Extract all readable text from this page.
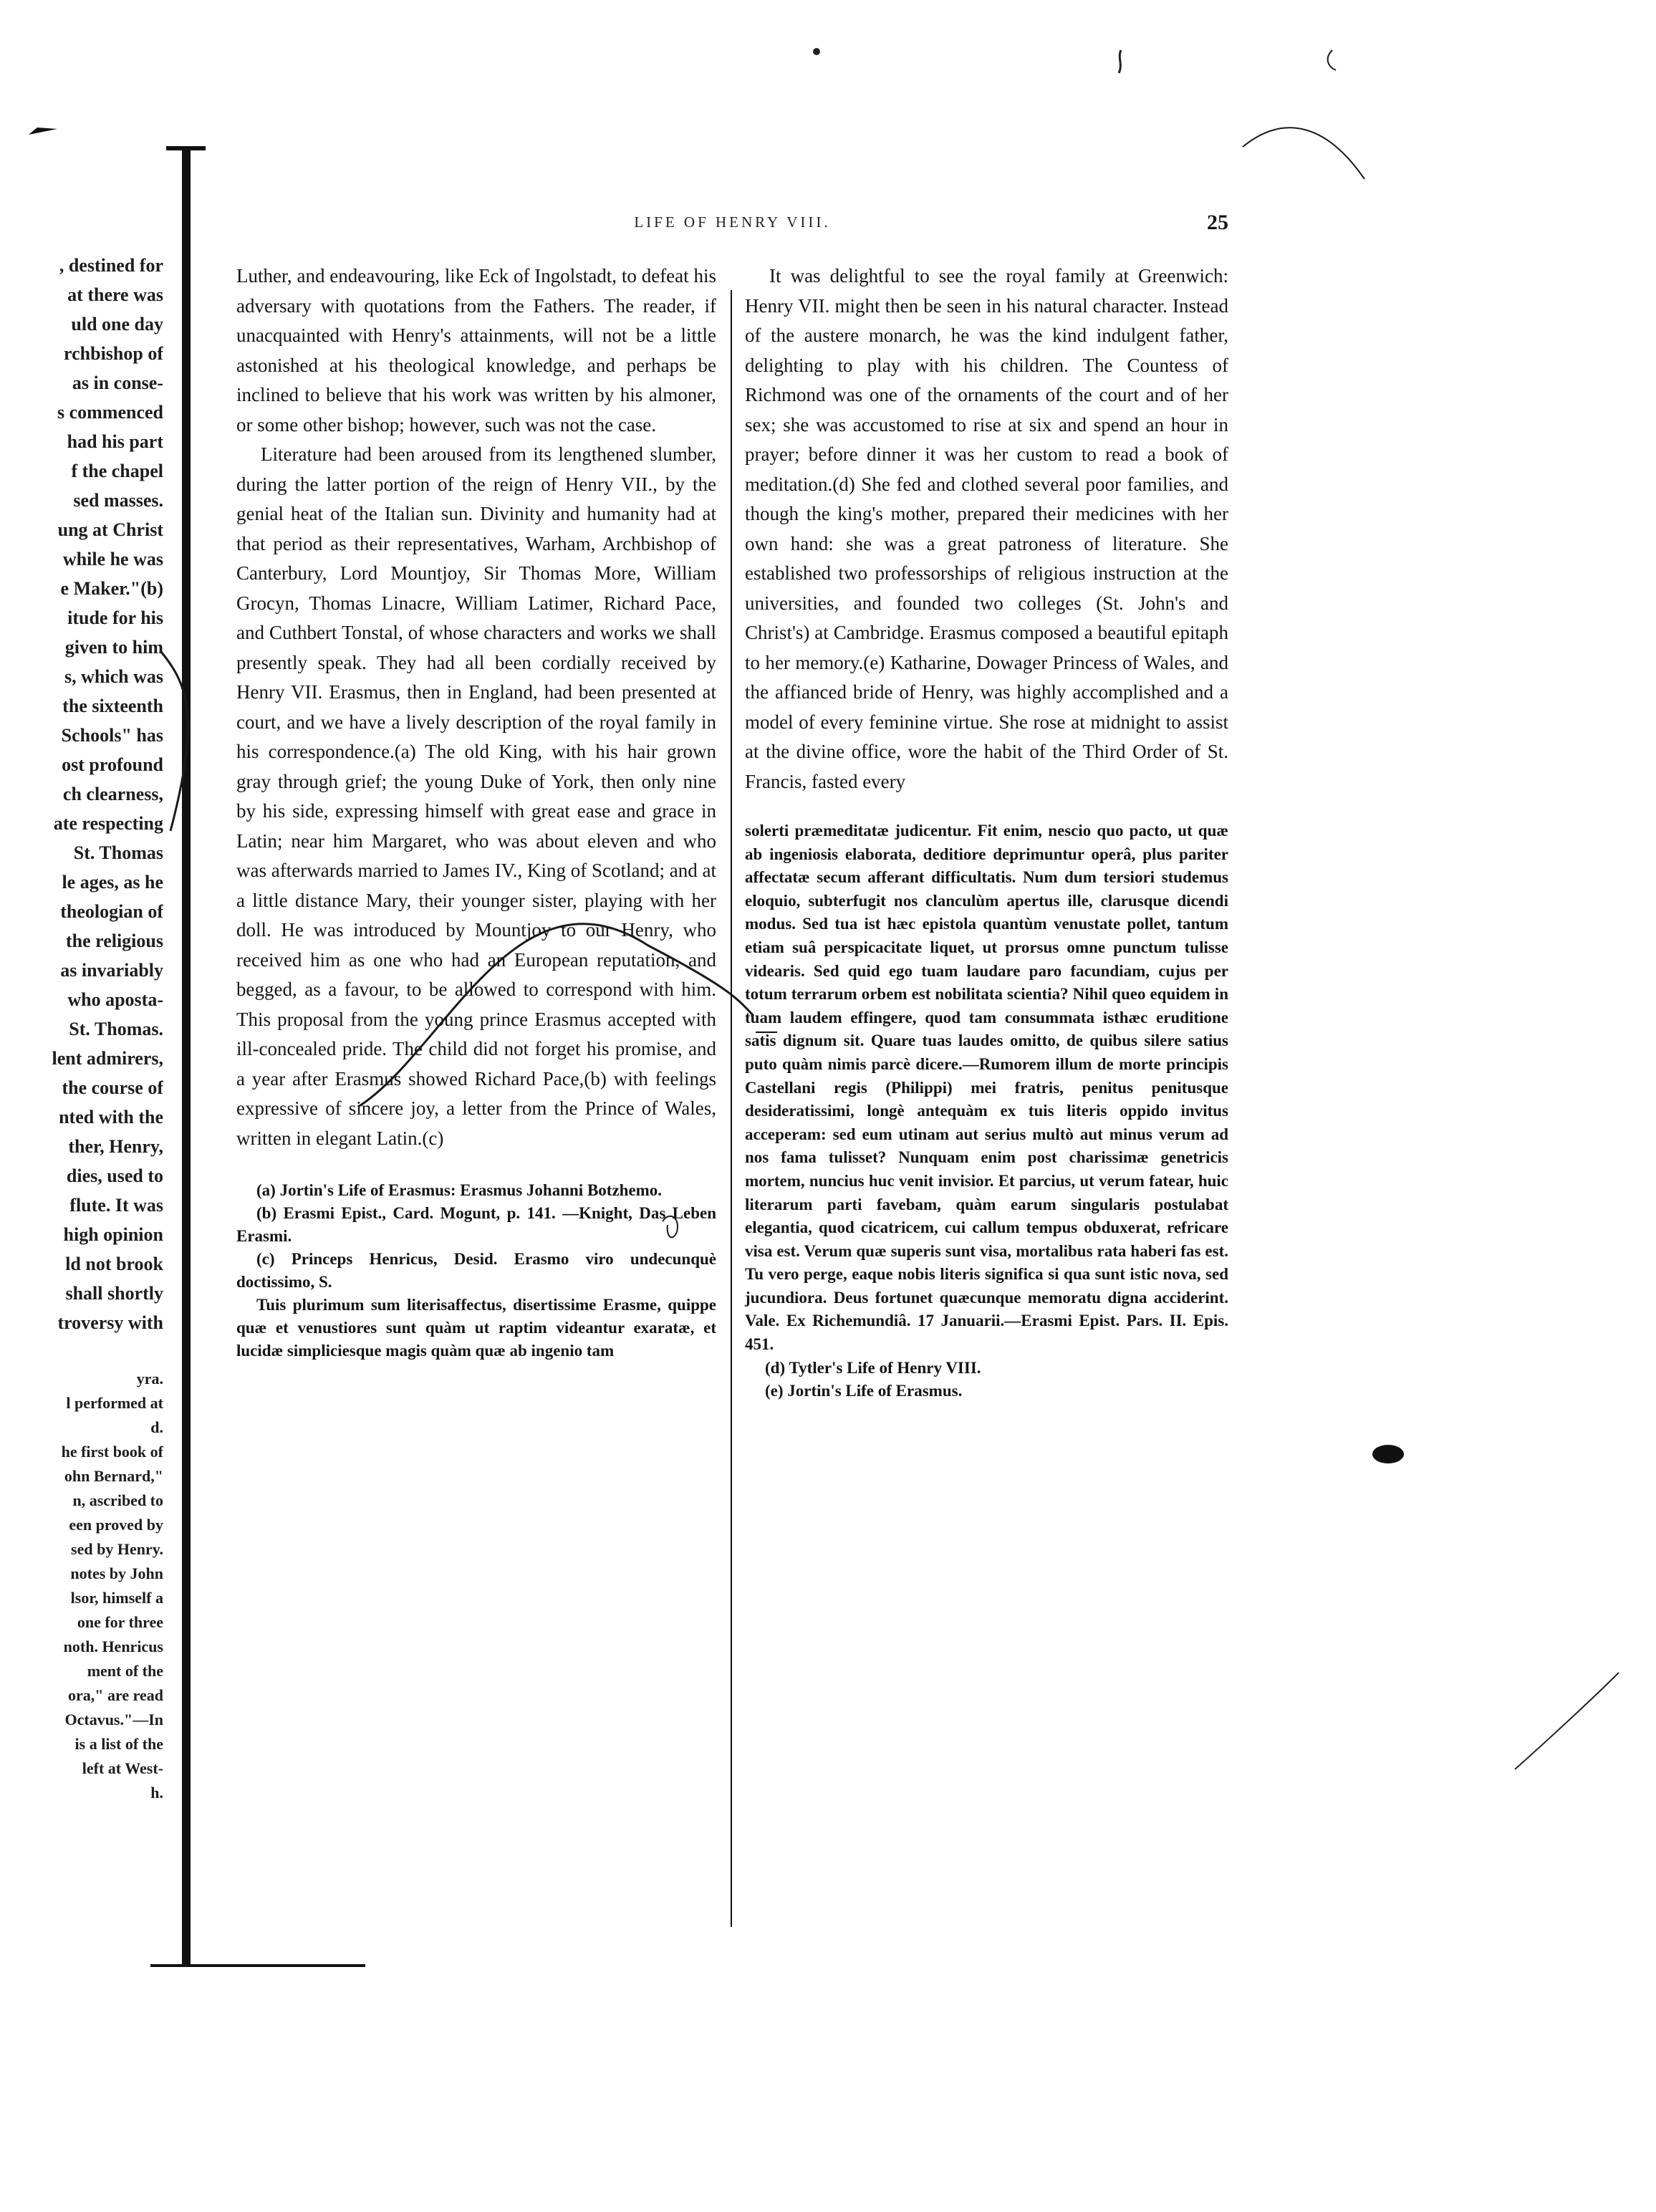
, destined for
at there was
uld one day
rchbishop of
as in conse-
s commenced
had his part
f the chapel
sed masses.
ung at Christ
while he was
e Maker."(b)
itude for his
given to him
s, which was
the sixteenth
Schools" has
ost profound
ch clearness,
ate respecting
St. Thomas
le ages, as he
theologian of
the religious
as invariably
who aposta-
St. Thomas.
lent admirers,
the course of
nted with the
ther, Henry,
dies, used to
flute. It was
high opinion
ld not brook
shall shortly
troversy with
yra.
l performed at
d.
he first book of
ohn Bernard,"
n, ascribed to
een proved by
sed by Henry.
notes by John
lsor, himself a
one for three
noth. Henricus
ment of the
ora," are read
Octavus."—In
is a list of the
left at West-
h.
LIFE OF HENRY VIII.	25

Luther, and endeavouring, like Eck of Ingolstadt, to defeat his adversary with quotations from the Fathers. The reader, if unacquainted with Henry's attainments, will not be a little astonished at his theological knowledge, and perhaps be inclined to believe that his work was written by his almoner, or some other bishop; however, such was not the case.

Literature had been aroused from its lengthened slumber, during the latter portion of the reign of Henry VII., by the genial heat of the Italian sun. Divinity and humanity had at that period as their representatives, Warham, Archbishop of Canterbury, Lord Mountjoy, Sir Thomas More, William Grocyn, Thomas Linacre, William Latimer, Richard Pace, and Cuthbert Tonstal, of whose characters and works we shall presently speak. They had all been cordially received by Henry VII. Erasmus, then in England, had been presented at court, and we have a lively description of the royal family in his correspondence.(a) The old King, with his hair grown gray through grief; the young Duke of York, then only nine by his side, expressing himself with great ease and grace in Latin; near him Margaret, who was about eleven and who was afterwards married to James IV., King of Scotland; and at a little distance Mary, their younger sister, playing with her doll. He was introduced by Mountjoy to our Henry, who received him as one who had an European reputation, and begged, as a favour, to be allowed to correspond with him. This proposal from the young prince Erasmus accepted with ill-concealed pride. The child did not forget his promise, and a year after Erasmus showed Richard Pace,(b) with feelings expressive of sincere joy, a letter from the Prince of Wales, written in elegant Latin.(c)

(a) Jortin's Life of Erasmus: Erasmus Johanni Botzhemo.

(b) Erasmi Epist., Card. Mogunt, p. 141. —Knight, Das Leben Erasmi.

(c) Princeps Henricus, Desid. Erasmo viro undecunquè doctissimo, S.

Tuis plurimum sum literisaffectus, disertissime Erasme, quippe quæ et venustiores sunt quàm ut raptim videantur exaratæ, et lucidæ simpliciesque magis quàm quæ ab ingenio tam

It was delightful to see the royal family at Greenwich: Henry VII. might then be seen in his natural character. Instead of the austere monarch, he was the kind indulgent father, delighting to play with his children. The Countess of Richmond was one of the ornaments of the court and of her sex; she was accustomed to rise at six and spend an hour in prayer; before dinner it was her custom to read a book of meditation.(d) She fed and clothed several poor families, and though the king's mother, prepared their medicines with her own hand: she was a great patroness of literature. She established two professorships of religious instruction at the universities, and founded two colleges (St. John's and Christ's) at Cambridge. Erasmus composed a beautiful epitaph to her memory.(e) Katharine, Dowager Princess of Wales, and the affianced bride of Henry, was highly accomplished and a model of every feminine virtue. She rose at midnight to assist at the divine office, wore the habit of the Third Order of St. Francis, fasted every

solerti præmeditatæ judicentur. Fit enim, nescio quo pacto, ut quæ ab ingeniosis elaborata, deditiore deprimuntur operâ, plus pariter affectatæ secum afferant difficultatis. Num dum tersiori studemus eloquio, subterfugit nos clanculùm apertus ille, clarusque dicendi modus. Sed tua ist hæc epistola quantùm venustate pollet, tantum etiam suâ perspicacitate liquet, ut prorsus omne punctum tulisse videaris. Sed quid ego tuam laudare paro facundiam, cujus per totum terrarum orbem est nobilitata scientia? Nihil queo equidem in tuam laudem effingere, quod tam consummata isthæc eruditione satis dignum sit. Quare tuas laudes omitto, de quibus silere satius puto quàm nimis parcè dicere.—Rumorem illum de morte principis Castellani regis (Philippi) mei fratris, penitus penitusque desideratissimi, longè antequàm ex tuis literis oppido invitus acceperam: sed eum utinam aut serius multò aut minus verum ad nos fama tulisset? Nunquam enim post charissimæ genetricis mortem, nuncius huc venit invisior. Et parcius, ut verum fatear, huic literarum parti favebam, quàm earum singularis postulabat elegantia, quod cicatricem, cui callum tempus obduxerat, refricare visa est. Verum quæ superis sunt visa, mortalibus rata haberi fas est. Tu vero perge, eaque nobis literis significa si qua sunt istic nova, sed jucundiora. Deus fortunet quæcunque memoratu digna acciderint. Vale. Ex Richemundiâ. 17 Januarii.—Erasmi Epist. Pars. II. Epis. 451.

(d) Tytler's Life of Henry VIII.

(e) Jortin's Life of Erasmus.
